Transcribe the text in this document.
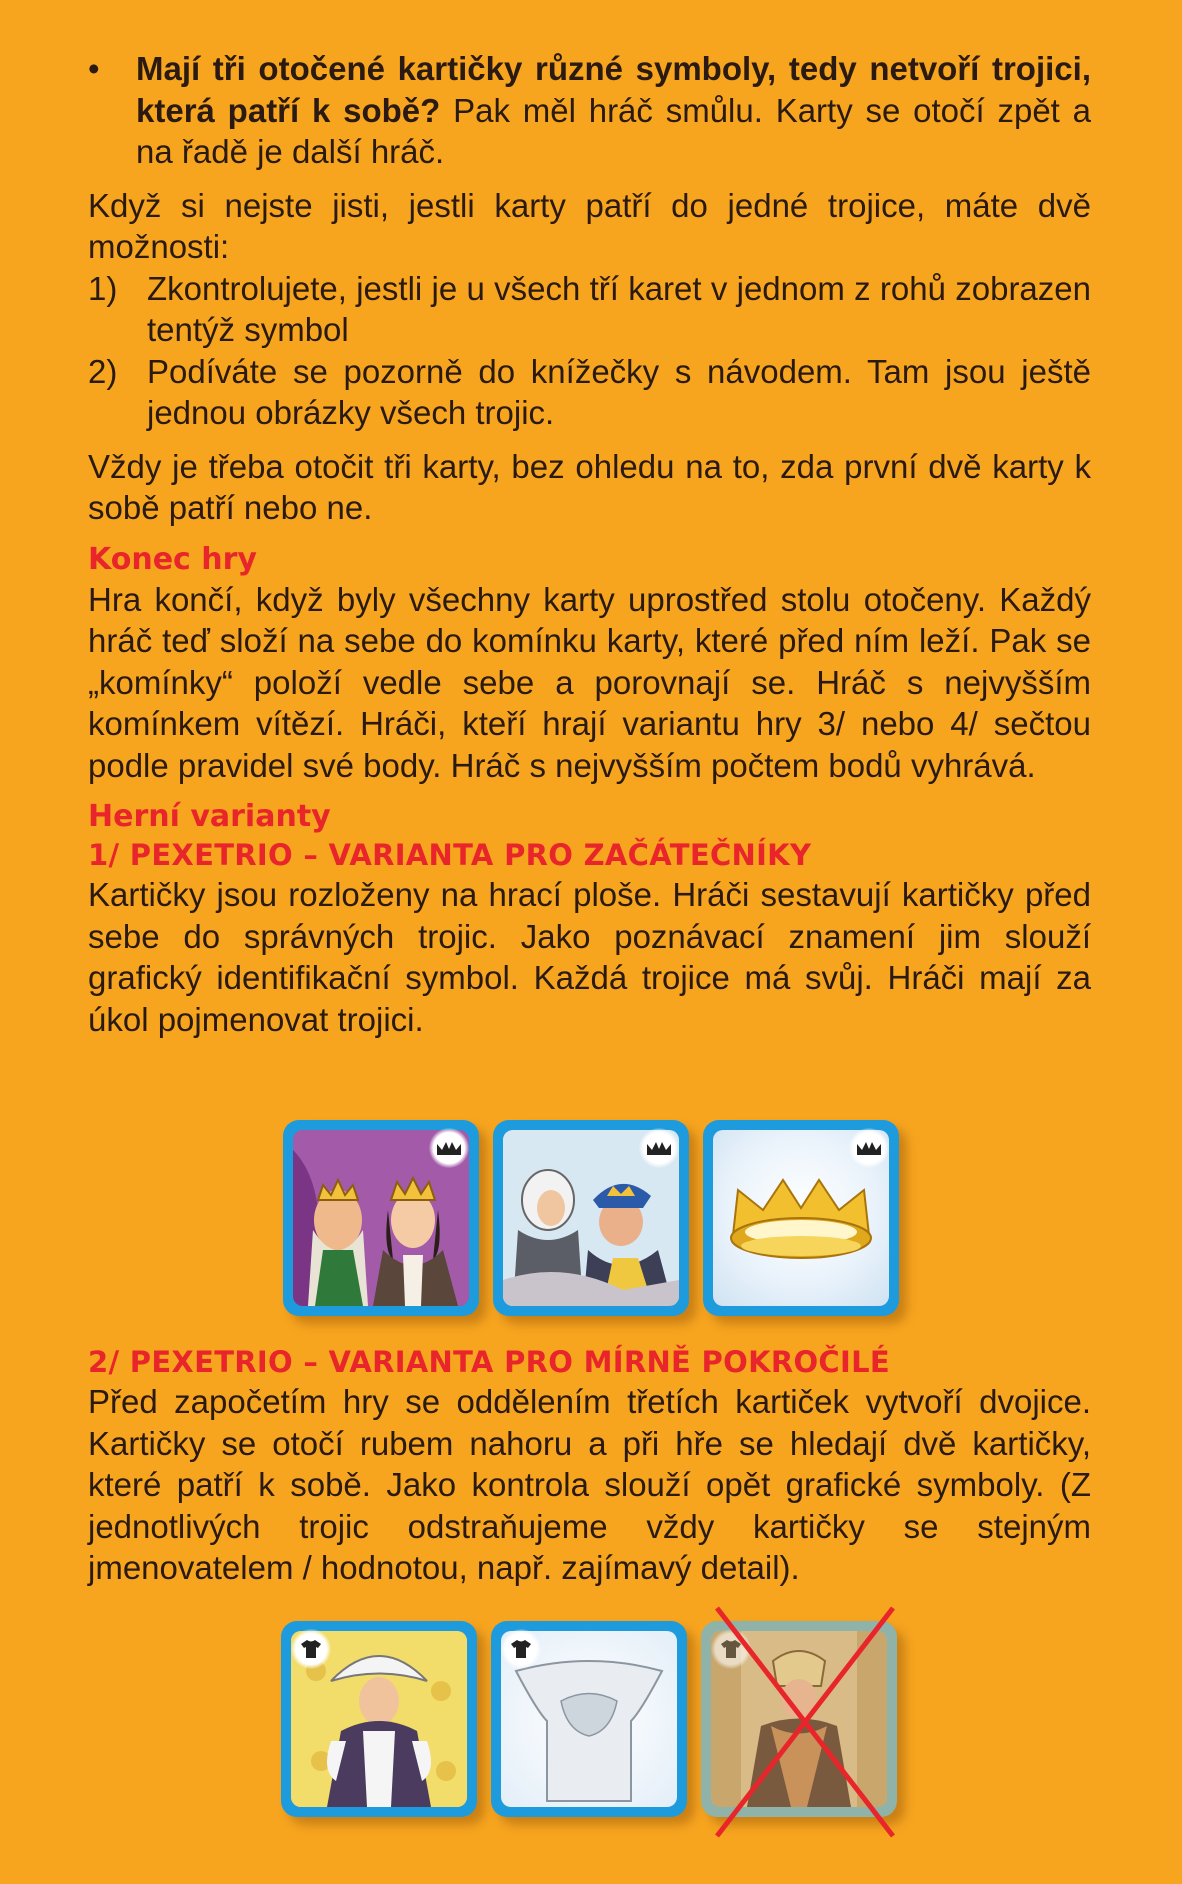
• Mají tři otočené kartičky různé symboly, tedy netvoří trojici, která patří k sobě? Pak měl hráč smůlu. Karty se otočí zpět a na řadě je další hráč.

Když si nejste jisti, jestli karty patří do jedné trojice, máte dvě možnosti:

1) Zkontrolujete, jestli je u všech tří karet v jednom z rohů zobrazen tentýž symbol
2) Podíváte se pozorně do knížečky s návodem. Tam jsou ještě jednou obrázky všech trojic.

Vždy je třeba otočit tři karty, bez ohledu na to, zda první dvě karty k sobě patří nebo ne.

Konec hry

Hra končí, když byly všechny karty uprostřed stolu otočeny. Každý hráč teď složí na sebe do komínku karty, které před ním leží. Pak se „komínky“ položí vedle sebe a porovnají se. Hráč s nejvyšším komínkem vítězí. Hráči, kteří hrají variantu hry 3/ nebo 4/ sečtou podle pravidel své body. Hráč s nejvyšším počtem bodů vyhrává.

Herní varianty
1/ PEXETRIO – VARIANTA PRO ZAČÁTEČNÍKY

Kartičky jsou rozloženy na hrací ploše. Hráči sestavují kartičky před sebe do správných trojic. Jako poznávací znamení jim slouží grafický identifikační symbol. Každá trojice má svůj. Hráči mají za úkol pojmenovat trojici.

2/ PEXETRIO – VARIANTA PRO MÍRNĚ POKROČILÉ

Před započetím hry se oddělením třetích kartiček vytvoří dvojice. Kartičky se otočí rubem nahoru a při hře se hledají dvě kartičky, které patří k sobě. Jako kontrola slouží opět grafické symboly. (Z jednotlivých trojic odstraňujeme vždy kartičky se stejným jmenovatelem / hodnotou, např. zajímavý detail).
